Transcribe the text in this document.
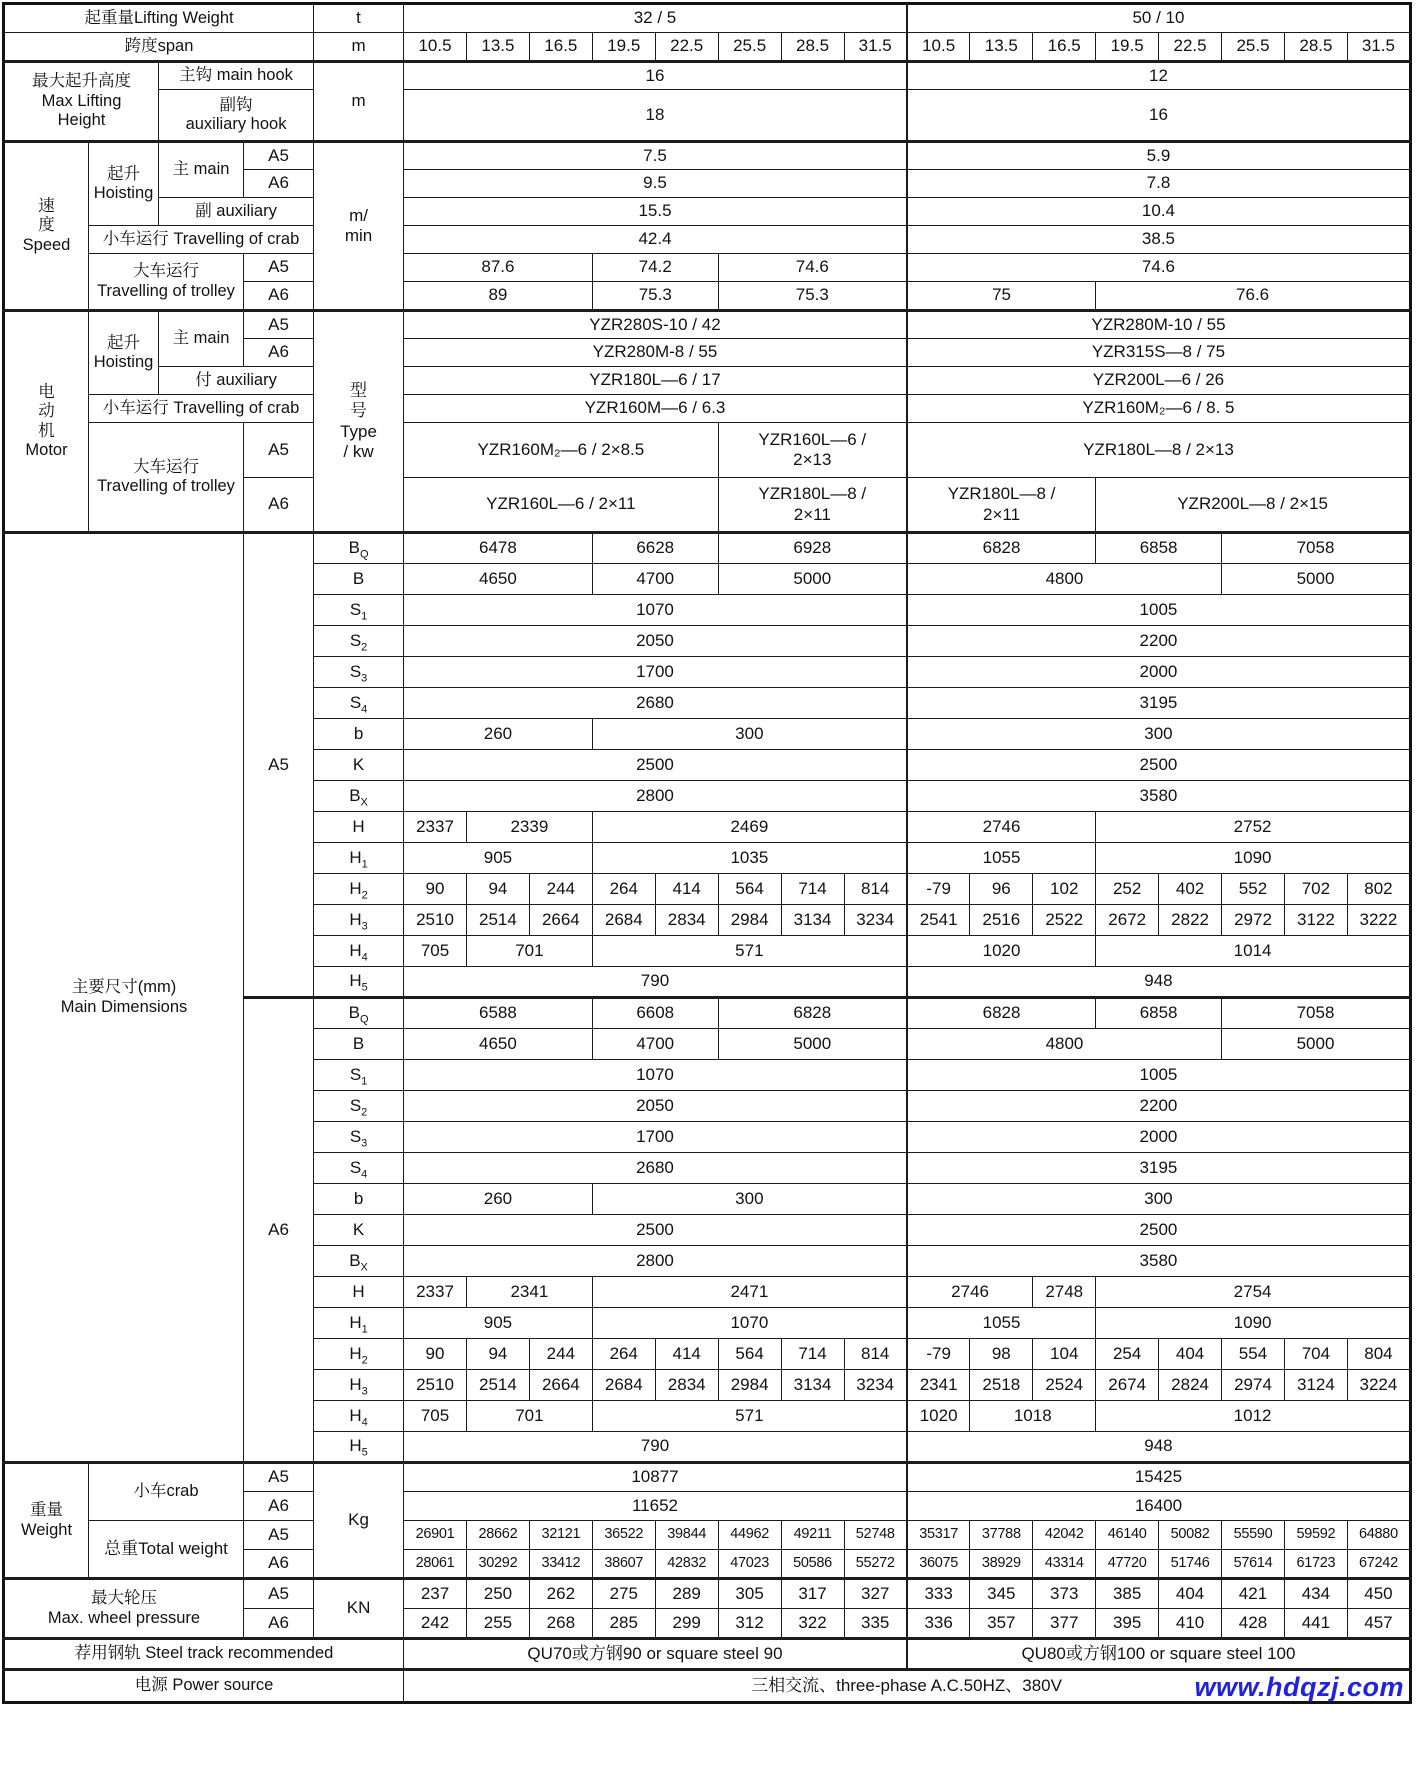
起重量Lifting Weight				t	32 / 5								50 / 10							
跨度span				m	10.5	13.5	16.5	19.5	22.5	25.5	28.5	31.5	10.5	13.5	16.5	19.5	22.5	25.5	28.5	31.5
最大起升高度
Max Lifting
Height		主钩 main hook		m	16								12							
		副钩
auxiliary hook			18								16							
速
度
Speed	起升
Hoisting	主 main	A5	m/
min	7.5								5.9							
			A6		9.5								7.8							
		副 auxiliary			15.5								10.4							
	小车运行 Travelling of crab				42.4								38.5							
	大车运行
Travelling of trolley		A5		87.6			74.2		74.6			74.6							
			A6		89			75.3		75.3			75			76.6				
电
动
机
Motor	起升
Hoisting	主 main	A5	型
号
Type
/ kw	YZR280S-10 / 42								YZR280M-10 / 55							
			A6		YZR280M-8 / 55								YZR315S—8 / 75							
		付 auxiliary			YZR180L—6 / 17								YZR200L—6 / 26							
	小车运行 Travelling of crab				YZR160M—6 / 6.3								YZR160M₂—6 / 8. 5							
	大车运行
Travelling of trolley		A5		YZR160M₂—6 / 2×8.5					YZR160L—6 /
2×13			YZR180L—8 / 2×13							
			A6		YZR160L—6 / 2×11					YZR180L—8 /
2×11			YZR180L—8 /
2×11			YZR200L—8 / 2×15				
主要尺寸(mm)
Main Dimensions			A5	$B_Q$	6478			6628		6928			6828			6858		7058		
				B	4650			4700		5000			4800					5000		
				$S_1$	1070								1005							
				$S_2$	2050								2200							
				$S_3$	1700								2000							
				$S_4$	2680								3195							
				b	260			300					300							
				K	2500								2500							
				$B_X$	2800								3580							
				H	2337	2339		2469					2746			2752				
				$H_1$	905			1035					1055			1090				
				$H_2$	90	94	244	264	414	564	714	814	-79	96	102	252	402	552	702	802
				$H_3$	2510	2514	2664	2684	2834	2984	3134	3234	2541	2516	2522	2672	2822	2972	3122	3222
				$H_4$	705	701		571					1020			1014				
				$H_5$	790								948							
			A6	$B_Q$	6588			6608		6828			6828			6858		7058		
				B	4650			4700		5000			4800					5000		
				$S_1$	1070								1005							
				$S_2$	2050								2200							
				$S_3$	1700								2000							
				$S_4$	2680								3195							
				b	260			300					300							
				K	2500								2500							
				$B_X$	2800								3580							
				H	2337	2341		2471					2746		2748	2754				
				$H_1$	905			1070					1055			1090				
				$H_2$	90	94	244	264	414	564	714	814	-79	98	104	254	404	554	704	804
				$H_3$	2510	2514	2664	2684	2834	2984	3134	3234	2341	2518	2524	2674	2824	2974	3124	3224
				$H_4$	705	701		571					1020	1018		1012				
				$H_5$	790								948							
重量
Weight	小车crab		A5	Kg	10877								15425							
			A6		11652								16400							
	总重Total weight		A5		26901	28662	32121	36522	39844	44962	49211	52748	35317	37788	42042	46140	50082	55590	59592	64880
			A6		28061	30292	33412	38607	42832	47023	50586	55272	36075	38929	43314	47720	51746	57614	61723	67242
最大轮压
Max. wheel pressure			A5	KN	237	250	262	275	289	305	317	327	333	345	373	385	404	421	434	450
			A6		242	255	268	285	299	312	322	335	336	357	377	395	410	428	441	457
荐用钢轨 Steel track recommended					QU70或方钢90 or square steel 90								QU80或方钢100 or square steel 100							
电源 Power source					三相交流、three-phase A.C.50HZ、380V																www.hdqzj.com
